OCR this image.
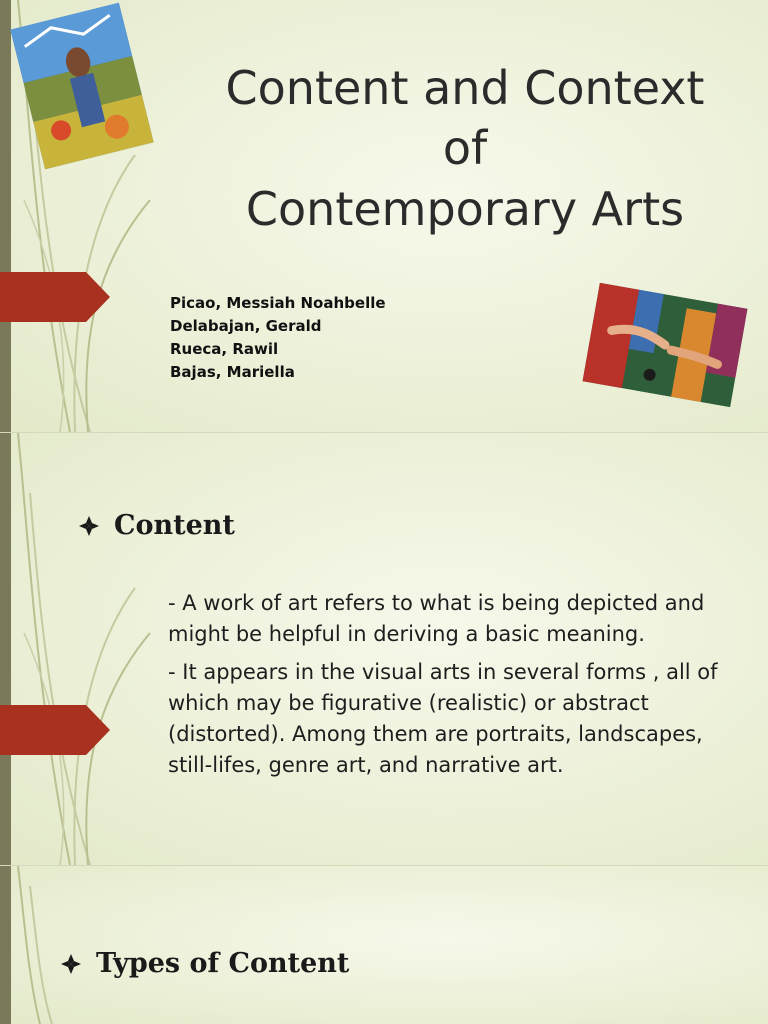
Content and Context
of
Contemporary Arts
Picao, Messiah Noahbelle
Delabajan, Gerald
Rueca, Rawil
Bajas, Mariella
Content

- A work of art refers to what is being depicted and might be helpful in deriving a basic meaning.

- It appears in the visual arts in several forms , all of which may be figurative (realistic) or abstract (distorted). Among them are portraits, landscapes, still-lifes, genre art, and narrative art.

Types of Content
